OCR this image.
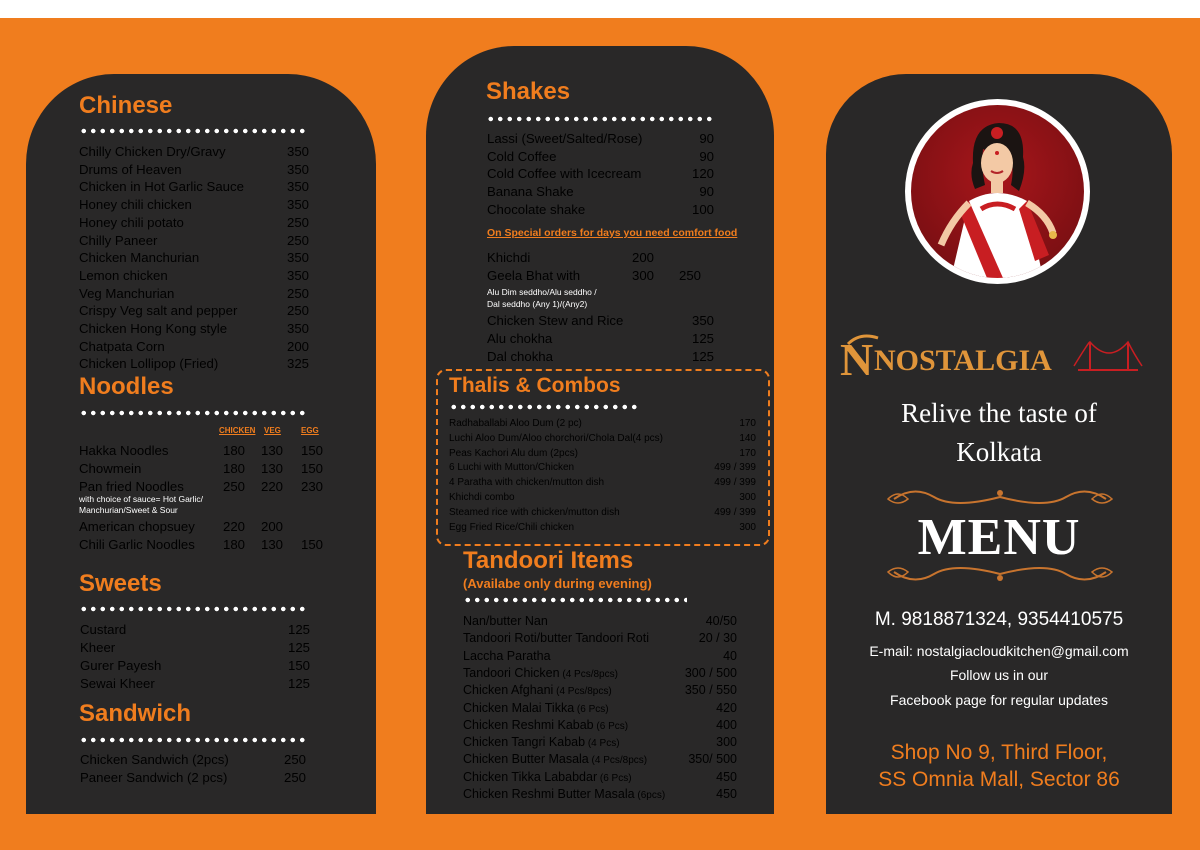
Chinese
Chilly Chicken Dry/Gravy	350
Drums of Heaven	350
Chicken in Hot Garlic Sauce	350
Honey chili chicken	350
Honey chili potato	250
Chilly Paneer	250
Chicken Manchurian	350
Lemon chicken	350
Veg Manchurian	250
Crispy Veg salt and pepper	250
Chicken Hong Kong style	350
Chatpata Corn	200
Chicken Lollipop (Fried)	325
Noodles
CHICKEN VEG	EGG
Hakka Noodles	180	130	150
Chowmein	180	130	150
Pan fried Noodles	250	220	230
American chopsuey	220	200
Chili Garlic Noodles	180	130	150
with choice of sauce= Hot Garlic/
Manchurian/Sweet & Sour
Sweets
Custard	125
Kheer	125
Gurer Payesh	150
Sewai Kheer	125
Sandwich
Chicken Sandwich (2pcs)	250
Paneer Sandwich (2 pcs)	250
Shakes
Lassi (Sweet/Salted/Rose)	90
Cold Coffee	90
Cold Coffee with Icecream	120
Banana Shake	90
Chocolate shake	100
On Special orders for days you need comfort food
Khichdi	200
Geela Bhat with	300	250
Alu Dim seddho/Alu seddho /
Dal seddho (Any 1)/(Any2)
Chicken Stew and Rice	350
Alu chokha	125
Dal chokha	125
Thalis & Combos
Radhaballabi Aloo Dum (2 pc)	170
Luchi Aloo Dum/Aloo chorchori/Chola Dal(4 pcs)	140
Peas Kachori Alu dum (2pcs)	170
6 Luchi with Mutton/Chicken	499 / 399
4 Paratha with chicken/mutton dish	499 / 399
Khichdi combo	300
Steamed rice with chicken/mutton dish	499 / 399
Egg Fried Rice/Chili chicken	300
Tandoori Items
(Availabe only during evening)
Nan/butter Nan	40/50
Tandoori Roti/butter Tandoori Roti	20 / 30
Laccha Paratha	40
Tandoori Chicken (4 Pcs/8pcs)	300 / 500
Chicken Afghani (4 Pcs/8pcs)	350 / 550
Chicken Malai Tikka (6 Pcs)	420
Chicken Reshmi Kabab (6 Pcs)	400
Chicken Tangri Kabab (4 Pcs)	300
Chicken Butter Masala (4 Pcs/8pcs)	350/ 500
Chicken Tikka Lababdar (6 Pcs)	450
Chicken Reshmi Butter Masala (6pcs)	450
N NOSTALGIA
Relive the taste of
Kolkata
MENU
M. 9818871324, 9354410575
E-mail: nostalgiacloudkitchen@gmail.com
Follow us in our
Facebook page for regular updates
Shop No 9, Third Floor,
SS Omnia Mall, Sector 86
